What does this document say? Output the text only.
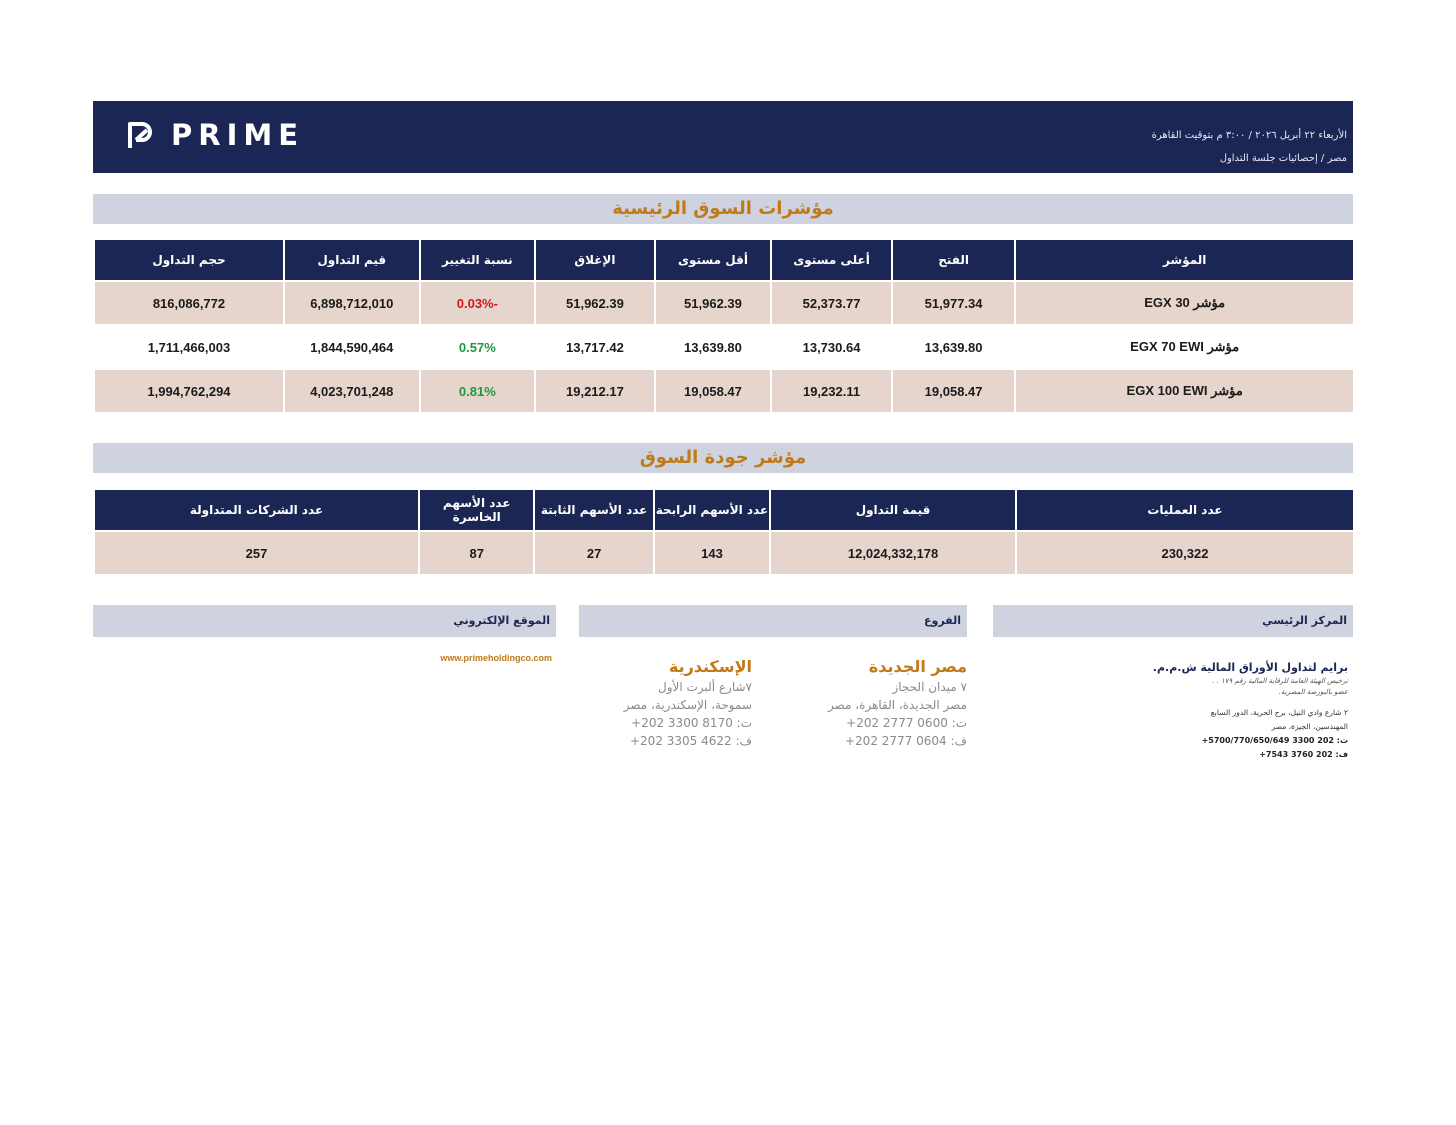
PRIME	الأربعاء ٢٢ أبريل ٢٠٢٦ / ٣:٠٠ م بتوقيت القاهرة
مصر / إحصائيات جلسة التداول
مؤشرات السوق الرئيسية
المؤشر	الفتح	أعلى مستوى	أقل مستوى	الإغلاق	نسبة التغيير	قيم التداول	حجم التداول
مؤشر EGX 30	51,977.34	52,373.77	51,962.39	51,962.39	-0.03%	6,898,712,010	816,086,772
مؤشر EGX 70 EWI	13,639.80	13,730.64	13,639.80	13,717.42	0.57%	1,844,590,464	1,711,466,003
مؤشر EGX 100 EWI	19,058.47	19,232.11	19,058.47	19,212.17	0.81%	4,023,701,248	1,994,762,294
مؤشر جودة السوق
عدد العمليات	قيمة التداول	عدد الأسهم الرابحة	عدد الأسهم الثابتة	عدد الأسهم الخاسرة	عدد الشركات المتداولة
230,322	12,024,332,178	143	27	87	257
الموقع الإلكتروني	الفروع	المركز الرئيسي
www.primeholdingco.com	مصر الجديدة
٧ ميدان الحجاز
مصر الجديدة، القاهرة، مصر
ت: 0600 2777 202+
ف: 0604 2777 202+
الإسكندرية
٧شارع ألبرت الأول
سموحة، الإسكندرية، مصر
ت: 8170 3300 202+
ف: 4622 3305 202+
برايم لتداول الأوراق المالية ش.م.م.
ترخيص الهيئة العامة للرقابة المالية رقم ١٧٩ . .
عضو بالبورصة المصرية.
٢ شارع وادي النيل، برج الحرية، الدور السابع
المهندسين، الجيزة، مصر
ت: 202 3300 5700/770/650/649+
ف: 202 3760 7543+
